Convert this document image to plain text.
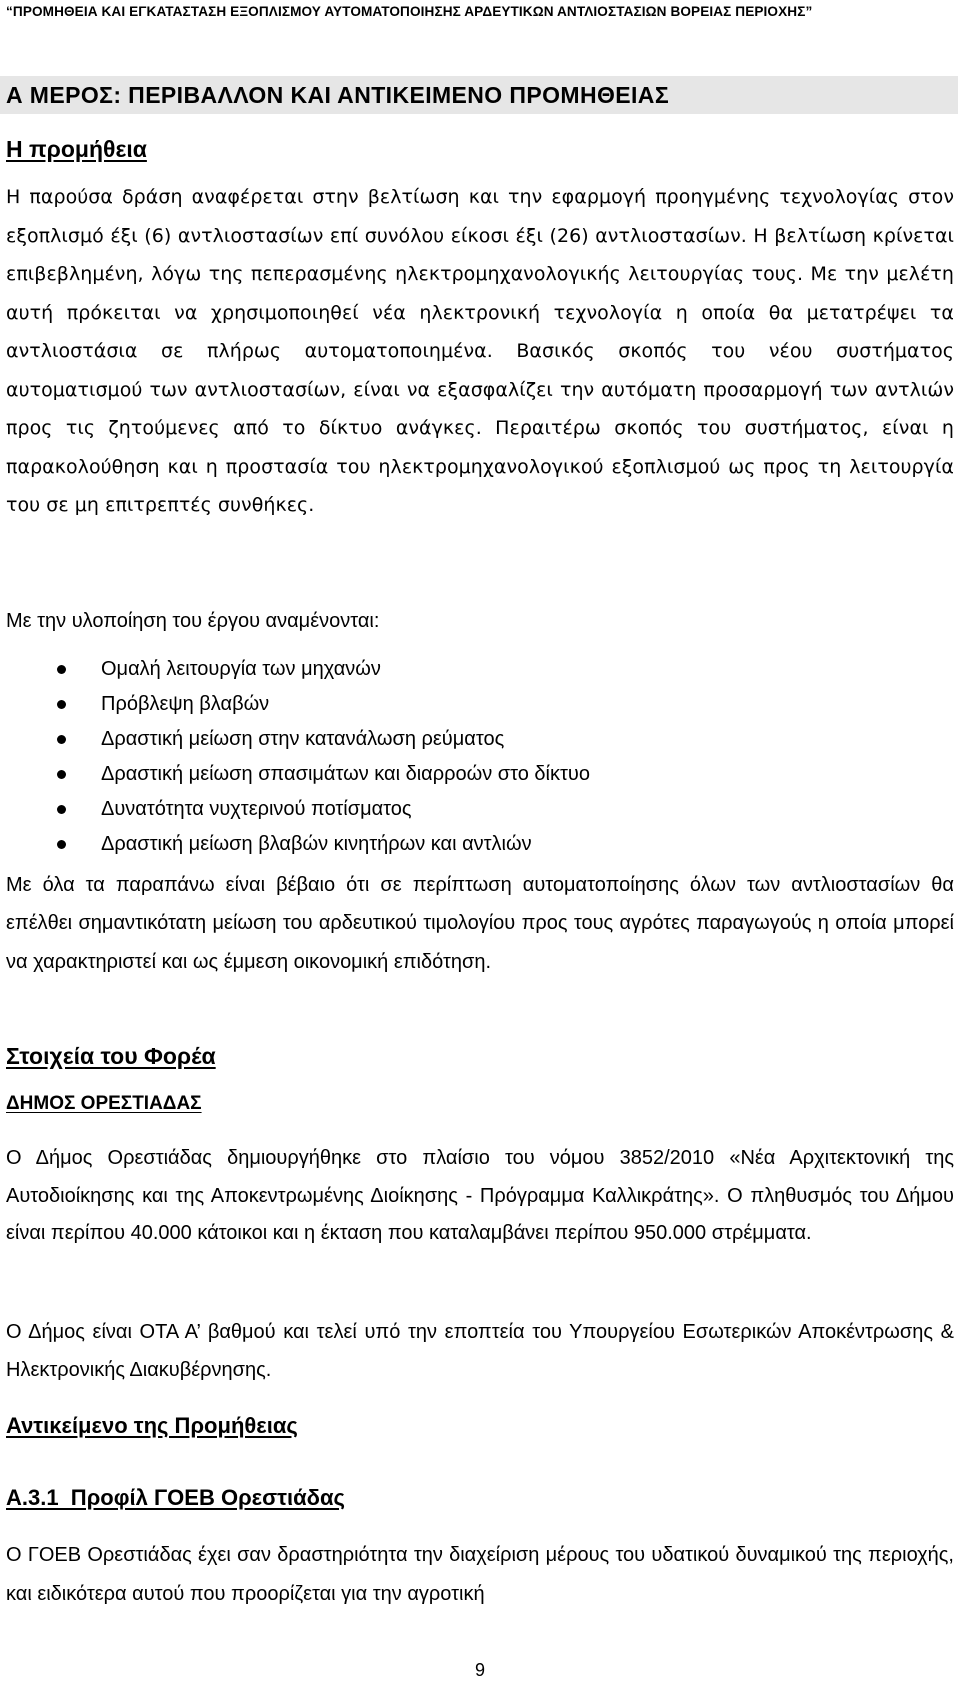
“ΠΡΟΜΗΘΕΙΑ ΚΑΙ ΕΓΚΑΤΑΣΤΑΣΗ ΕΞΟΠΛΙΣΜΟΥ ΑΥΤΟΜΑΤΟΠΟΙΗΣΗΣ ΑΡΔΕΥΤΙΚΩΝ ΑΝΤΛΙΟΣΤΑΣΙΩΝ ΒΟΡΕΙΑΣ ΠΕΡΙΟΧΗΣ”
Α ΜΕΡΟΣ: ΠΕΡΙΒΑΛΛΟΝ ΚΑΙ ΑΝΤΙΚΕΙΜΕΝΟ ΠΡΟΜΗΘΕΙΑΣ
Η προμήθεια

Η παρούσα δράση αναφέρεται στην βελτίωση και την εφαρμογή προηγμένης τεχνολογίας στον εξοπλισμό έξι (6) αντλιοστασίων επί συνόλου είκοσι έξι (26) αντλιοστασίων. Η βελτίωση κρίνεται επιβεβλημένη, λόγω της πεπερασμένης ηλεκτρομηχανολογικής λειτουργίας τους. Με την μελέτη αυτή πρόκειται να χρησιμοποιηθεί νέα ηλεκτρονική τεχνολογία η οποία θα μετατρέψει τα αντλιοστάσια σε πλήρως αυτοματοποιημένα. Βασικός σκοπός του νέου συστήματος αυτοματισμού των αντλιοστασίων, είναι να εξασφαλίζει την αυτόματη προσαρμογή των αντλιών προς τις ζητούμενες από το δίκτυο ανάγκες. Περαιτέρω σκοπός του συστήματος, είναι η παρακολούθηση και η προστασία του ηλεκτρομηχανολογικού εξοπλισμού ως προς τη λειτουργία του σε μη επιτρεπτές συνθήκες.

Με την υλοποίηση του έργου αναμένονται:

Ομαλή λειτουργία των μηχανών
Πρόβλεψη βλαβών
Δραστική μείωση στην κατανάλωση ρεύματος
Δραστική μείωση σπασιμάτων και διαρροών στο δίκτυο
Δυνατότητα νυχτερινού ποτίσματος
Δραστική μείωση βλαβών κινητήρων και αντλιών

Με όλα τα παραπάνω είναι βέβαιο ότι σε περίπτωση αυτοματοποίησης όλων των αντλιοστασίων θα επέλθει σημαντικότατη μείωση του αρδευτικού τιμολογίου προς τους αγρότες παραγωγούς η οποία μπορεί να χαρακτηριστεί και ως έμμεση οικονομική επιδότηση.

Στοιχεία του Φορέα
ΔΗΜΟΣ ΟΡΕΣΤΙΑΔΑΣ

Ο Δήμος Ορεστιάδας δημιουργήθηκε στο πλαίσιο του νόμου 3852/2010 «Νέα Αρχιτεκτονική της Αυτοδιοίκησης και της Αποκεντρωμένης Διοίκησης - Πρόγραμμα Καλλικράτης». Ο πληθυσμός του Δήμου είναι περίπου 40.000 κάτοικοι και η έκταση που καταλαμβάνει περίπου 950.000 στρέμματα.

Ο Δήμος είναι ΟΤΑ Α’ βαθμού και τελεί υπό την εποπτεία του Υπουργείου Εσωτερικών Αποκέντρωσης & Ηλεκτρονικής Διακυβέρνησης.

Αντικείμενο της Προμήθειας
Α.3.1  Προφίλ ΓΟΕΒ Ορεστιάδας

Ο ΓΟΕΒ Ορεστιάδας έχει σαν δραστηριότητα την διαχείριση μέρους του υδατικού δυναμικού της περιοχής, και ειδικότερα αυτού που προορίζεται για την αγροτική

9
